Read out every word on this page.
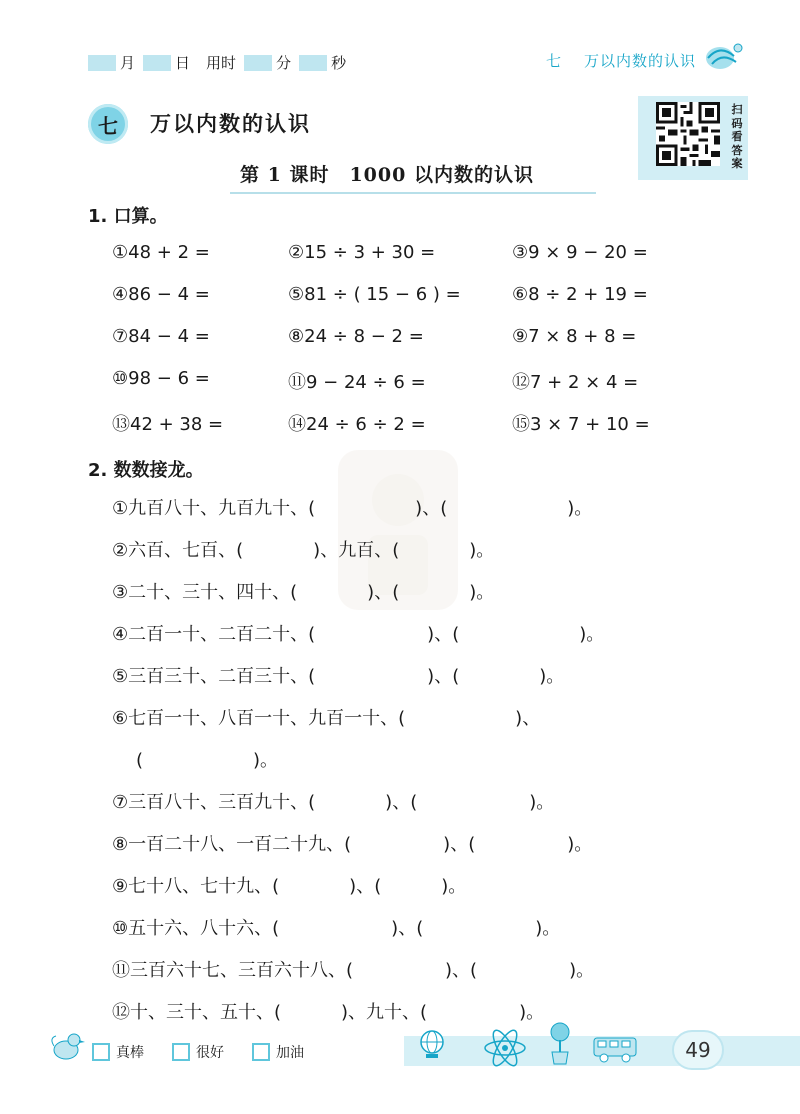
月	日 用时	分	秒	七 万以内数的认识
七	万以内数的认识
扫
码
看
答
案
第 1 课时　1000 以内数的认识
1. 口算。
①48 + 2 =	②15 ÷ 3 + 30 =	③9 × 9 − 20 =
④86 − 4 =	⑤81 ÷ ( 15 − 6 ) =	⑥8 ÷ 2 + 19 =
⑦84 − 4 =	⑧24 ÷ 8 − 2 =	⑨7 × 8 + 8 =
⑩98 − 6 =	⑪9 − 24 ÷ 6 =	⑫7 + 2 × 4 =
⑬42 + 38 =	⑭24 ÷ 6 ÷ 2 =	⑮3 × 7 + 10 =
2. 数数接龙。
①九百八十、九百九十、(	)、(	)。
②六百、七百、(	)、九百、(	)。
③二十、三十、四十、(	)、(	)。
④二百一十、二百二十、(	)、(	)。
⑤三百三十、二百三十、(	)、(	)。
⑥七百一十、八百一十、九百一十、(	)、
(	)。
⑦三百八十、三百九十、(	)、(	)。
⑧一百二十八、一百二十九、(	)、(	)。
⑨七十八、七十九、(	)、(	)。
⑩五十六、八十六、(	)、(	)。
⑪三百六十七、三百六十八、(	)、(	)。
⑫十、三十、五十、(	)、九十、(	)。
真棒	很好	加油	49
